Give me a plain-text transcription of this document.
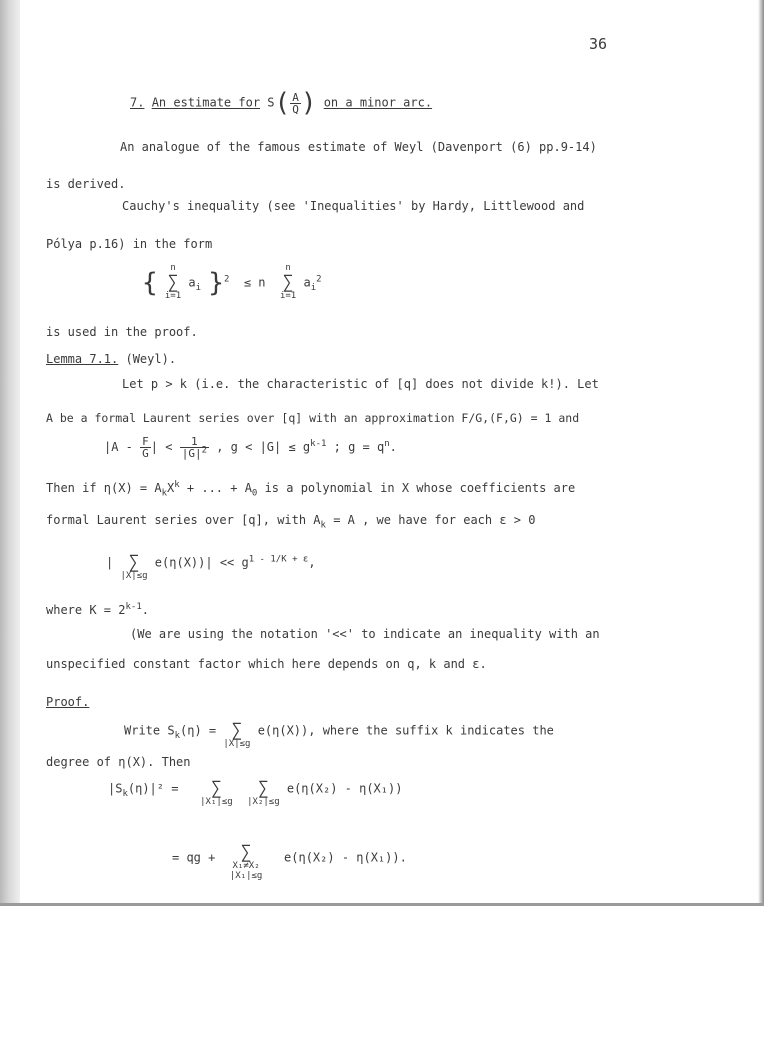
36
7. An estimate for $S( \frac{A}{Q}$ ) on a minor arc.
An analogue of the famous estimate of Weyl (Davenport (6) pp.9-14)
is derived.
Cauchy's inequality (see 'Inequalities' by Hardy, Littlewood and
Pólya p.16) in the form
{ n
∑
i=1 $a_i$ }$^2$ ≤ n  n
∑
i=1 $a_i^2$
is used in the proof.
Lemma 7.1. (Weyl).
Let p > k (i.e. the characteristic of [q] does not divide k!). Let
A be a formal Laurent series over [q] with an approximation F/G,(F,G) = 1 and
$|A - \frac{F}{G}$ | < $\frac{1}{|G|^2}$ , $g < |G| \le g^{k-1}$ ; $g = q^n$.
Then if $\eta(X) = A_kX^k$ + ... + $A_0$ is a polynomial in X whose coefficients are
formal Laurent series over [q], with $A_k = A$ , we have for each ε > 0
| ∑
|X|≤g $e(\eta(X))| << g^{1 - 1/K + \varepsilon}$,
where $K = 2^{k-1}$.
(We are using the notation '<<' to indicate an inequality with an
unspecified constant factor which here depends on q, k and ε.
Proof.
Write $S_k(\eta)$ = ∑
|X|≤g e(η(X)), where the suffix k indicates the
degree of η(X). Then
$|S_k(\eta)|^2$ =	∑
|X₁|≤g
∑
|X₂|≤g e(η(X₂) - η(X₁))
= qg +	∑
X₁≠X₂
|X₁|≤g   e(η(X₂) - η(X₁)).
